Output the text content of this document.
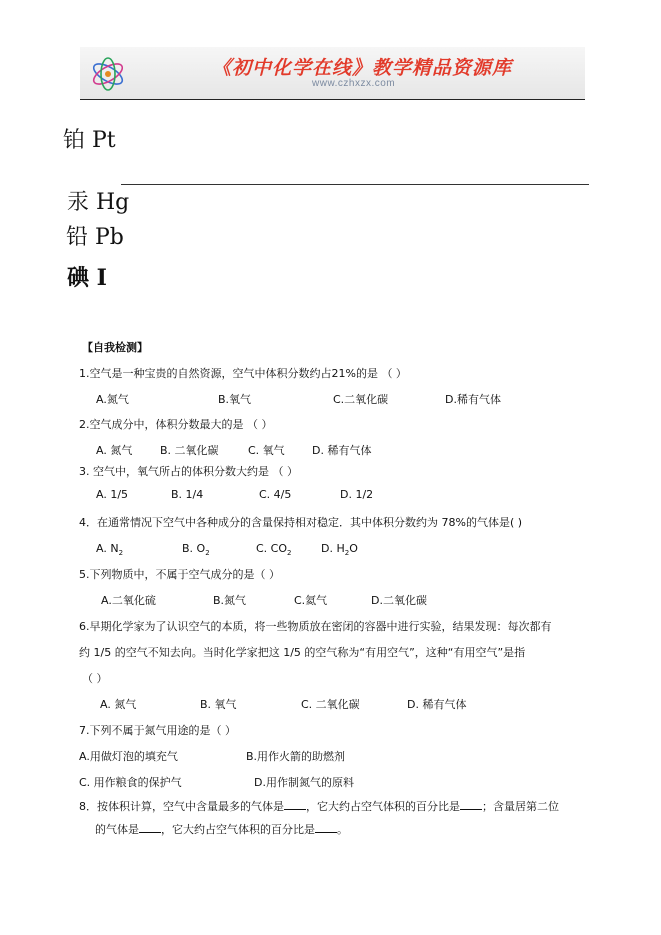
《初中化学在线》教学精品资源库
www.czhxzx.com
铂 Pt
汞 Hg
铅 Pb
碘 I
【自我检测】
1.空气是一种宝贵的自然资源，空气中体积分数约占21%的是 （ ）
A.氮气	B.氧气	C.二氧化碳	D.稀有气体
2.空气成分中，体积分数最大的是 （ ）
A. 氮气	B. 二氧化碳	C. 氧气 D. 稀有气体
3. 空气中，氧气所占的体积分数大约是 （ ）
A. 1/5	B. 1/4	C. 4/5	D. 1/2
4．在通常情况下空气中各种成分的含量保持相对稳定．其中体积分数约为 78%的气体是( )
A. $N_2$	B. $O_2$	C. $CO_2$	D. $H_2O$
5.下列物质中，不属于空气成分的是（ ）
A.二氧化硫	B.氮气	C.氦气	D.二氧化碳
6.早期化学家为了认识空气的本质，将一些物质放在密闭的容器中进行实验，结果发现：每次都有
约 1/5 的空气不知去向。当时化学家把这 1/5 的空气称为“有用空气”，这种“有用空气”是指
（ ）
A. 氮气	B. 氧气	C. 二氧化碳	D. 稀有气体
7.下列不属于氮气用途的是（ ）
A.用做灯泡的填充气	B.用作火箭的助燃剂
C. 用作粮食的保护气	D.用作制氮气的原料
8．按体积计算，空气中含量最多的气体是 ，它大约占空气体积的百分比是 ；含量居第二位
的气体是 ，它大约占空气体积的百分比是 。
